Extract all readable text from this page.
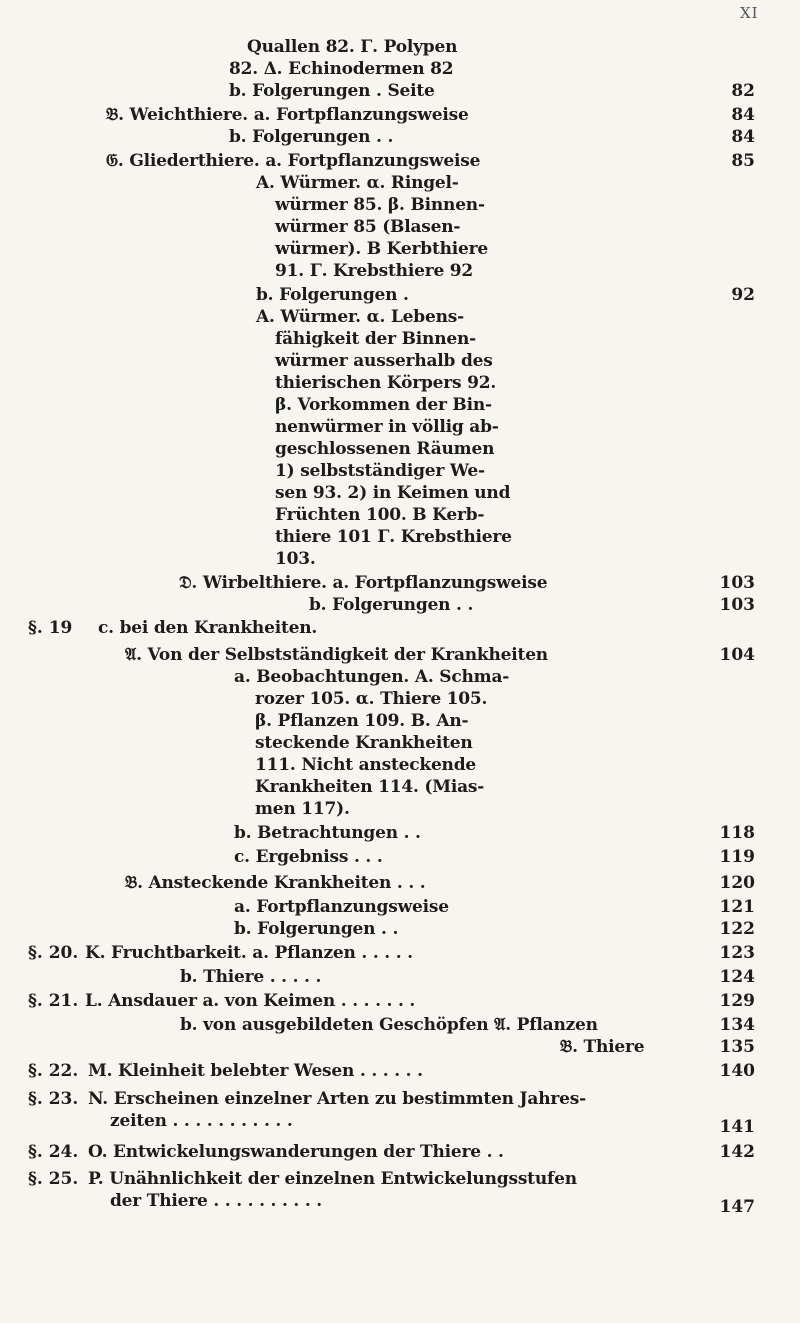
XI
Quallen 82. Γ. Polypen
82. Δ. Echinodermen 82
b. Folgerungen . Seite	82
𝔅. Weichthiere. a. Fortpflanzungsweise	84
b. Folgerungen . .	84
𝔊. Gliederthiere. a. Fortpflanzungsweise	85
A. Würmer. α. Ringel-
würmer 85. β. Binnen-
würmer 85 (Blasen-
würmer). B Kerbthiere
91. Γ. Krebsthiere 92
b. Folgerungen .	92
A. Würmer. α. Lebens-
fähigkeit der Binnen-
würmer ausserhalb des
thierischen Körpers 92.
β. Vorkommen der Bin-
nenwürmer in völlig ab-
geschlossenen Räumen
1) selbstständiger We-
sen 93. 2) in Keimen und
Früchten 100. B Kerb-
thiere 101 Γ. Krebsthiere
103.
𝔇. Wirbelthiere. a. Fortpflanzungsweise	103
b. Folgerungen . .	103
§. 19 c. bei den Krankheiten.
𝔄. Von der Selbstständigkeit der Krankheiten	104
a. Beobachtungen. A. Schma-
rozer 105. α. Thiere 105.
β. Pflanzen 109. B. An-
steckende Krankheiten
111. Nicht ansteckende
Krankheiten 114. (Mias-
men 117).
b. Betrachtungen . .	118
c. Ergebniss . . .	119
𝔅. Ansteckende Krankheiten . . .	120
a. Fortpflanzungsweise	121
b. Folgerungen . .	122
§. 20. K. Fruchtbarkeit. a. Pflanzen . . . . .	123
b. Thiere . . . . .	124
§. 21. L. Ansdauer a. von Keimen . . . . . . .	129
b. von ausgebildeten Geschöpfen 𝔄. Pflanzen	134
𝔅. Thiere	135
§. 22. M. Kleinheit belebter Wesen . . . . . .	140
§. 23. N. Erscheinen einzelner Arten zu bestimmten Jahres-
zeiten . . . . . . . . . . .	141
§. 24. O. Entwickelungswanderungen der Thiere . .	142
§. 25. P. Unähnlichkeit der einzelnen Entwickelungsstufen
der Thiere . . . . . . . . . .	147
